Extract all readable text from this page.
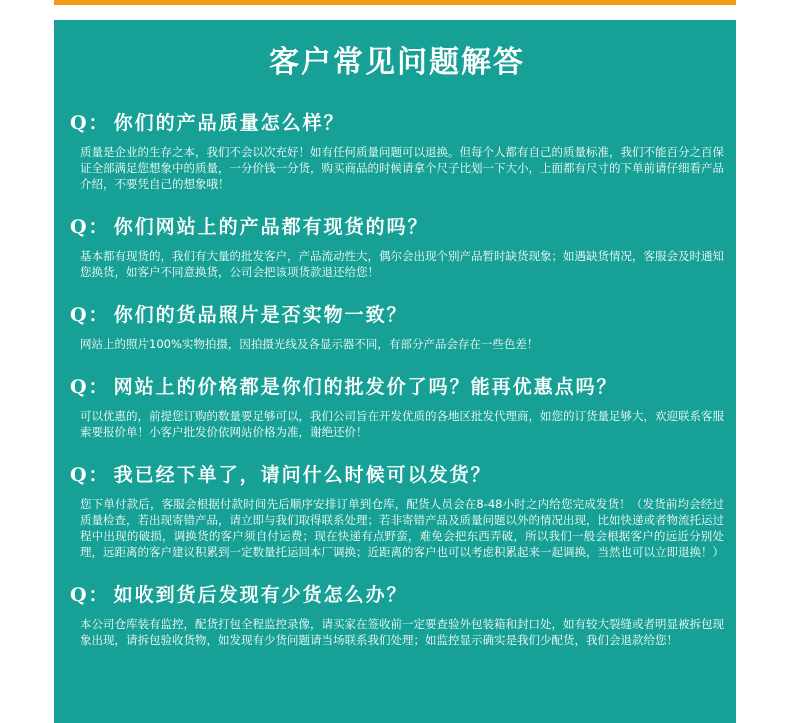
客户常见问题解答

Q： 你们的产品质量怎么样？

质量是企业的生存之本，我们不会以次充好！如有任何质量问题可以退换。但每个人都有自己的质量标准，我们不能百分之百保证全部满足您想象中的质量，一分价钱一分货，购买商品的时候请拿个尺子比划一下大小，上面都有尺寸的下单前请仔细看产品介绍，不要凭自己的想象哦！

Q： 你们网站上的产品都有现货的吗？

基本都有现货的，我们有大量的批发客户，产品流动性大，偶尔会出现个别产品暂时缺货现象；如遇缺货情况，客服会及时通知您换货，如客户不同意换货，公司会把该项货款退还给您！

Q： 你们的货品照片是否实物一致？

网站上的照片100%实物拍摄，因拍摄光线及各显示器不同，有部分产品会存在一些色差！

Q： 网站上的价格都是你们的批发价了吗？能再优惠点吗？

可以优惠的，前提您订购的数量要足够可以，我们公司旨在开发优质的各地区批发代理商，如您的订货量足够大，欢迎联系客服索要报价单！小客户批发价依网站价格为准，谢绝还价！

Q： 我已经下单了，请问什么时候可以发货？

您下单付款后，客服会根据付款时间先后顺序安排订单到仓库，配货人员会在8-48小时之内给您完成发货！（发货前均会经过质量检查，若出现寄错产品，请立即与我们取得联系处理；若非寄错产品及质量问题以外的情况出现，比如快递或者物流托运过程中出现的破损，调换货的客户须自付运费；现在快递有点野蛮，难免会把东西弄破，所以我们一般会根据客户的远近分别处理，远距离的客户建议积累到一定数量托运回本厂调换；近距离的客户也可以考虑积累起来一起调换，当然也可以立即退换！）

Q： 如收到货后发现有少货怎么办？

本公司仓库装有监控，配货打包全程监控录像，请买家在签收前一定要查验外包装箱和封口处，如有较大裂缝或者明显被拆包现象出现，请拆包验收货物，如发现有少货问题请当场联系我们处理；如监控显示确实是我们少配货，我们会退款给您！
